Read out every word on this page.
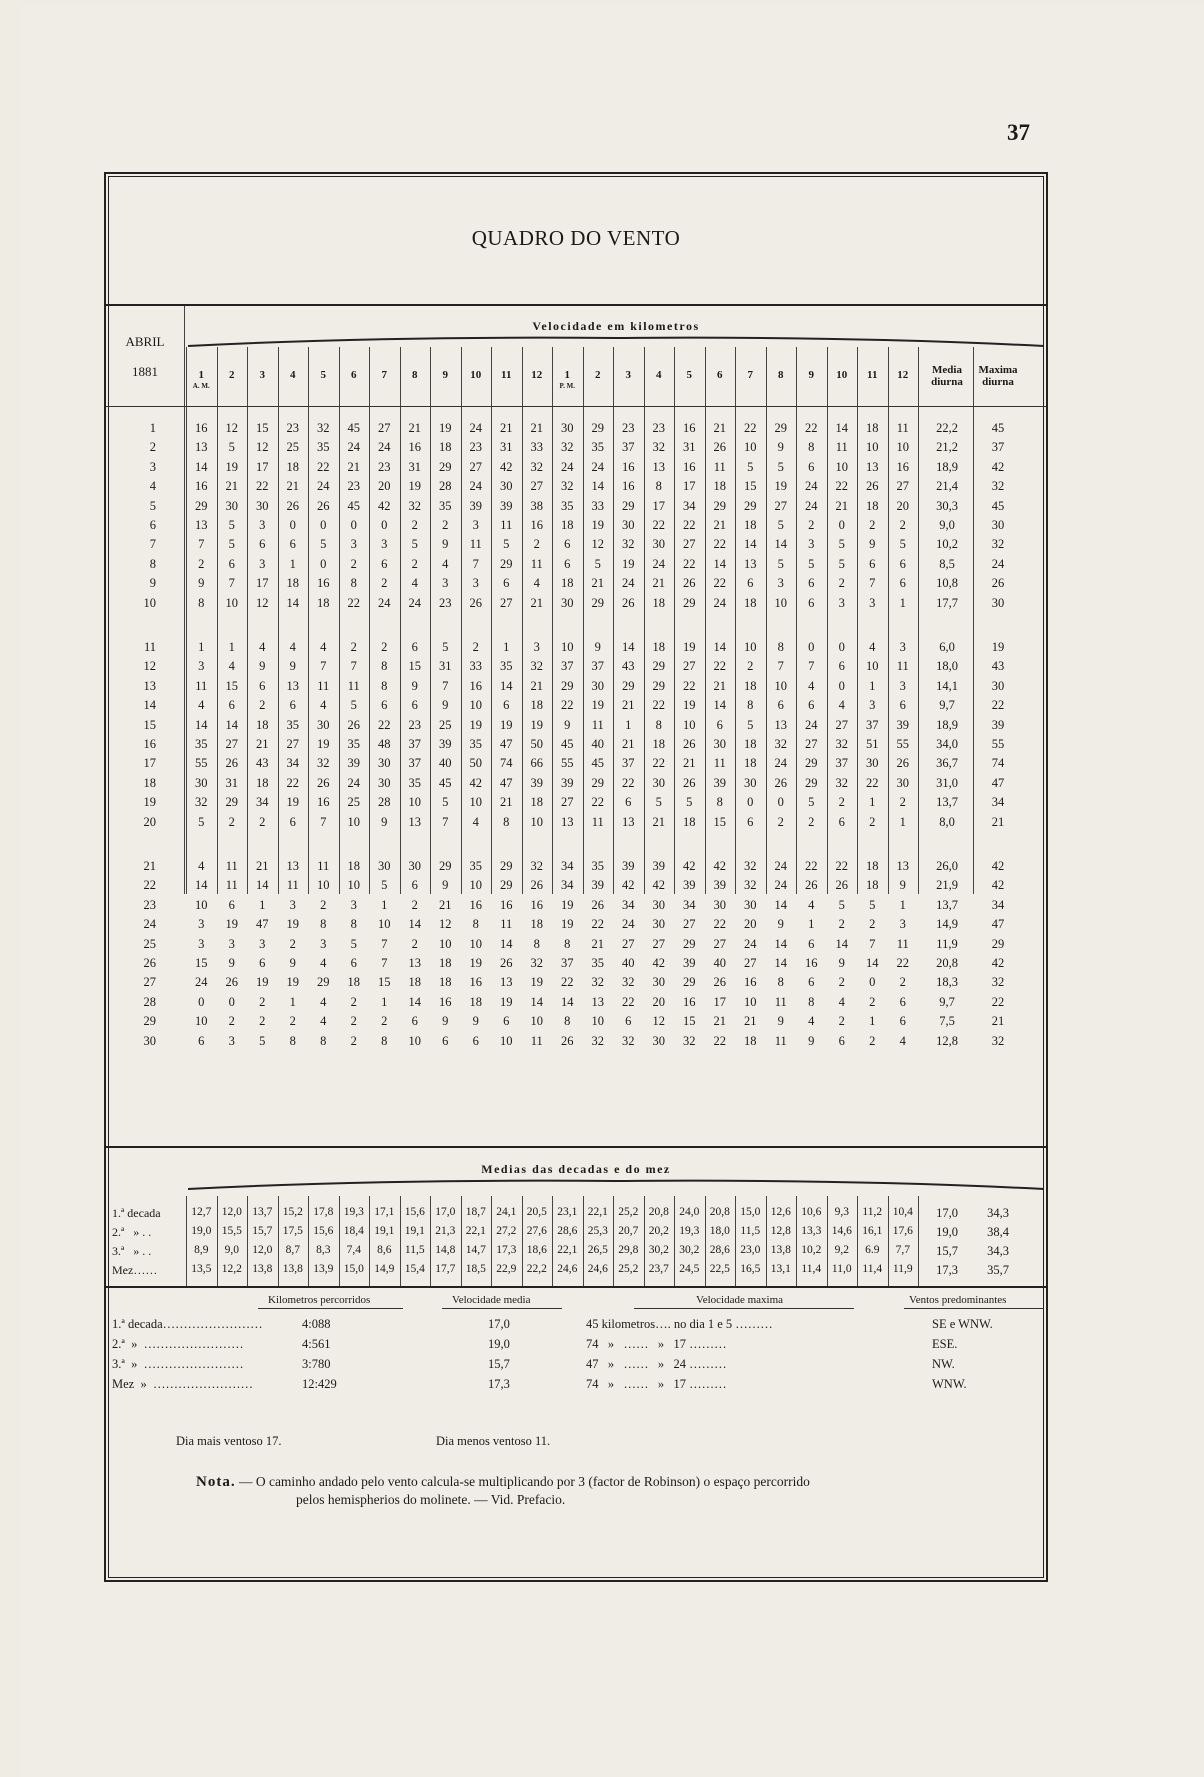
37
QUADRO DO VENTO
ABRIL
1881
Velocidade em kilometros
1
A. M.
2	3	4	5	6	7	8	9	10	11	12	1
P. M.
2	3	4	5	6	7	8	9	10	11	12	Media diurna
Maxima diurna
1	16	12	15	23	32	45	27	21	19	24	21	21	30	29	23	23	16	21	22	29	22	14	18	11	22,2	45
2	13	5	12	25	35	24	24	16	18	23	31	33	32	35	37	32	31	26	10	9	8	11	10	10	21,2	37
3	14	19	17	18	22	21	23	31	29	27	42	32	24	24	16	13	16	11	5	5	6	10	13	16	18,9	42
4	16	21	22	21	24	23	20	19	28	24	30	27	32	14	16	8	17	18	15	19	24	22	26	27	21,4	32
5	29	30	30	26	26	45	42	32	35	39	39	38	35	33	29	17	34	29	29	27	24	21	18	20	30,3	45
6	13	5	3	0	0	0	0	2	2	3	11	16	18	19	30	22	22	21	18	5	2	0	2	2	9,0	30
7	7	5	6	6	5	3	3	5	9	11	5	2	6	12	32	30	27	22	14	14	3	5	9	5	10,2	32
8	2	6	3	1	0	2	6	2	4	7	29	11	6	5	19	24	22	14	13	5	5	5	6	6	8,5	24
9	9	7	17	18	16	8	2	4	3	3	6	4	18	21	24	21	26	22	6	3	6	2	7	6	10,8	26
10	8	10	12	14	18	22	24	24	23	26	27	21	30	29	26	18	29	24	18	10	6	3	3	1	17,7	30
11	1	1	4	4	4	2	2	6	5	2	1	3	10	9	14	18	19	14	10	8	0	0	4	3	6,0	19
12	3	4	9	9	7	7	8	15	31	33	35	32	37	37	43	29	27	22	2	7	7	6	10	11	18,0	43
13	11	15	6	13	11	11	8	9	7	16	14	21	29	30	29	29	22	21	18	10	4	0	1	3	14,1	30
14	4	6	2	6	4	5	6	6	9	10	6	18	22	19	21	22	19	14	8	6	6	4	3	6	9,7	22
15	14	14	18	35	30	26	22	23	25	19	19	19	9	11	1	8	10	6	5	13	24	27	37	39	18,9	39
16	35	27	21	27	19	35	48	37	39	35	47	50	45	40	21	18	26	30	18	32	27	32	51	55	34,0	55
17	55	26	43	34	32	39	30	37	40	50	74	66	55	45	37	22	21	11	18	24	29	37	30	26	36,7	74
18	30	31	18	22	26	24	30	35	45	42	47	39	39	29	22	30	26	39	30	26	29	32	22	30	31,0	47
19	32	29	34	19	16	25	28	10	5	10	21	18	27	22	6	5	5	8	0	0	5	2	1	2	13,7	34
20	5	2	2	6	7	10	9	13	7	4	8	10	13	11	13	21	18	15	6	2	2	6	2	1	8,0	21
21	4	11	21	13	11	18	30	30	29	35	29	32	34	35	39	39	42	42	32	24	22	22	18	13	26,0	42
22	14	11	14	11	10	10	5	6	9	10	29	26	34	39	42	42	39	39	32	24	26	26	18	9	21,9	42
23	10	6	1	3	2	3	1	2	21	16	16	16	19	26	34	30	34	30	30	14	4	5	5	1	13,7	34
24	3	19	47	19	8	8	10	14	12	8	11	18	19	22	24	30	27	22	20	9	1	2	2	3	14,9	47
25	3	3	3	2	3	5	7	2	10	10	14	8	8	21	27	27	29	27	24	14	6	14	7	11	11,9	29
26	15	9	6	9	4	6	7	13	18	19	26	32	37	35	40	42	39	40	27	14	16	9	14	22	20,8	42
27	24	26	19	19	29	18	15	18	18	16	13	19	22	32	32	30	29	26	16	8	6	2	0	2	18,3	32
28	0	0	2	1	4	2	1	14	16	18	19	14	14	13	22	20	16	17	10	11	8	4	2	6	9,7	22
29	10	2	2	2	4	2	2	6	9	9	6	10	8	10	6	12	15	21	21	9	4	2	1	6	7,5	21
30	6	3	5	8	8	2	8	10	6	6	10	11	26	32	32	30	32	22	18	11	9	6	2	4	12,8	32
Medias das decadas e do mez
1.ª decada	12,7 12,0 13,7 15,2 17,8 19,3 17,1 15,6 17,0 18,7 24,1 20,5 23,1 22,1 25,2 20,8 24,0 20,8 15,0 12,6 10,6	9,3	11,2 10,4	17,0	34,3
2.ª   » . .	19,0 15,5 15,7 17,5 15,6 18,4 19,1 19,1 21,3 22,1 27,2 27,6 28,6 25,3 20,7 20,2 19,3 18,0 11,5 12,8 13,3 14,6 16,1 17,6	19,0	38,4
3.ª   » . .	8,9	9,0	12,0	8,7	8,3	7,4	8,6	11,5 14,8 14,7 17,3 18,6 22,1 26,5 29,8 30,2 30,2 28,6 23,0 13,8 10,2	9,2	6.9	7,7	15,7	34,3
Mez……	13,5 12,2 13,8 13,8 13,9 15,0 14,9 15,4 17,7 18,5 22,9 22,2 24,6 24,6 25,2 23,7 24,5 22,5 16,5 13,1 11,4 11,0 11,4 11,9	17,3	35,7
Kilometros percorridos	Velocidade media	Velocidade maxima	Ventos predominantes
1.ª decada……………………	4:088	17,0	45 kilometros…. no dia 1 e 5 ………	SE e WNW.
2.ª  »  ……………………	4:561	19,0	74   »   ……   »   17 ………	ESE.
3.ª  »  ……………………	3:780	15,7	47   »   ……   »   24 ………	NW.
Mez  »  ……………………	12:429	17,3	74   »   ……   »   17 ………	WNW.
Dia mais ventoso 17.	Dia menos ventoso 11.
Nota. — O caminho andado pelo vento calcula-se multiplicando por 3 (factor de Robinson) o espaço percorrido
pelos hemispherios do molinete. — Vid. Prefacio.
